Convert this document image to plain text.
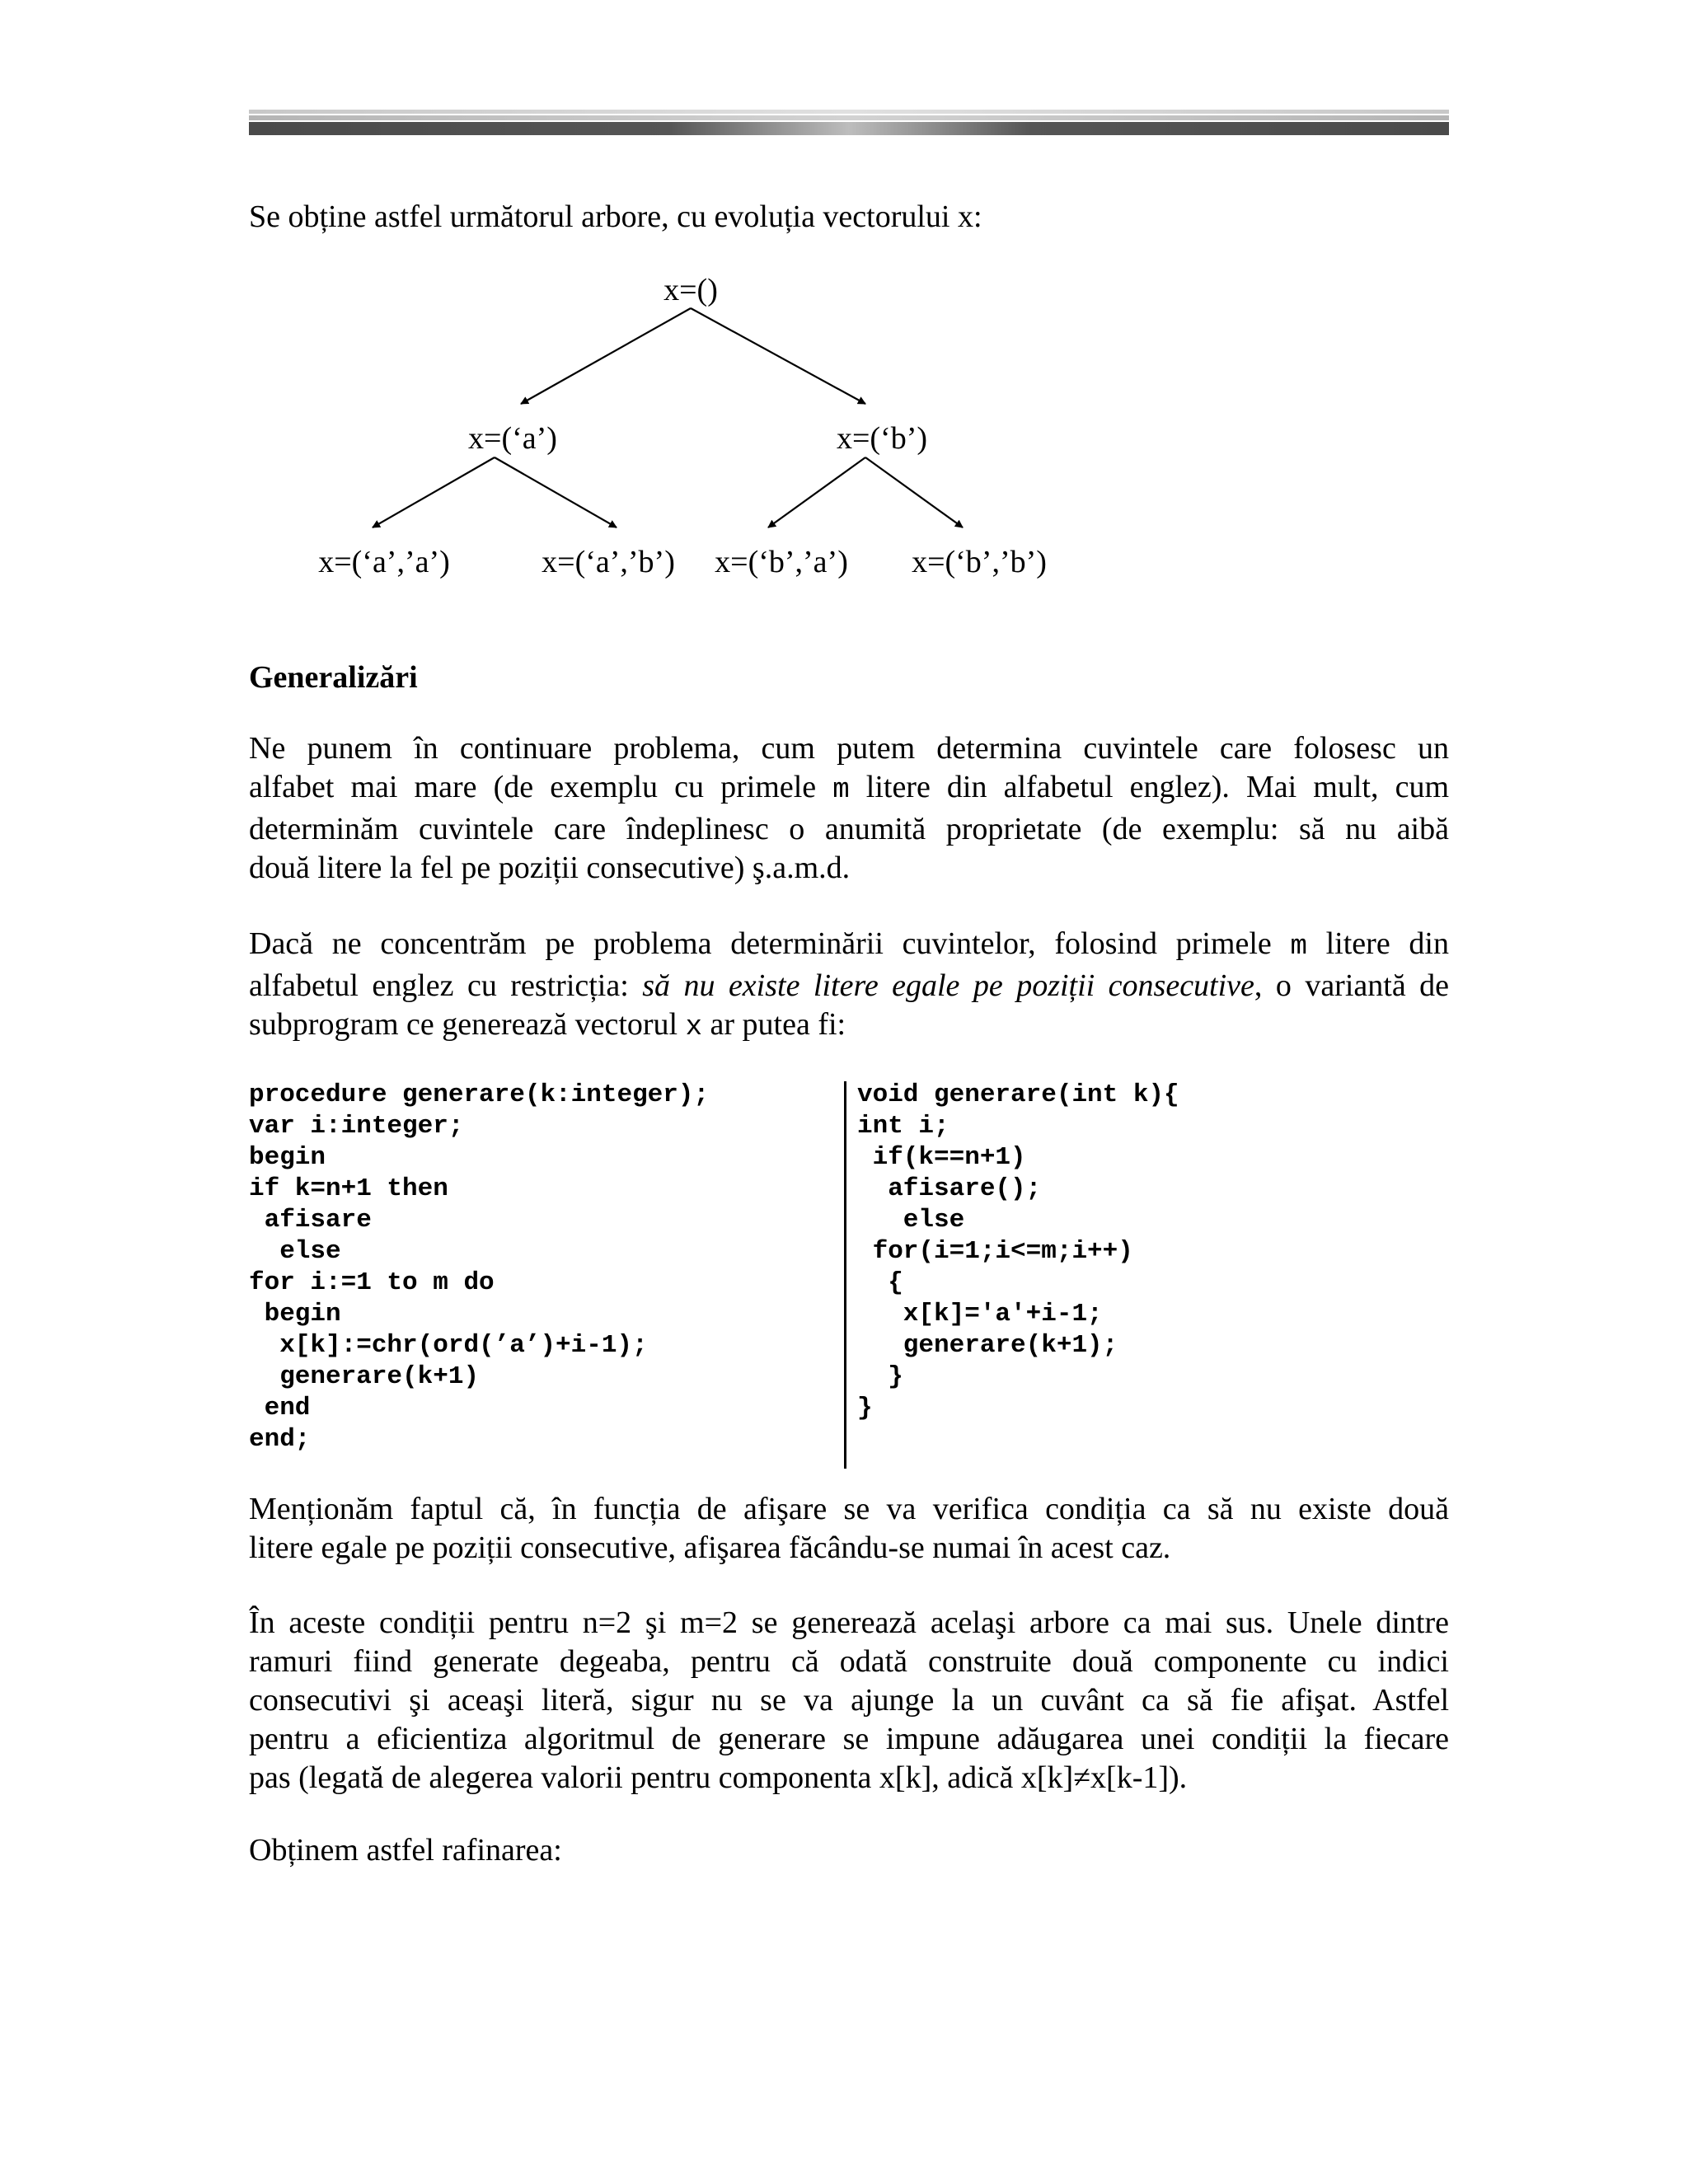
Se obține astfel următorul arbore, cu evoluția vectorului x:

x=()
x=(‘a’)	x=(‘b’)
x=(‘a’,’a’)	x=(‘a’,’b’) x=(‘b’,’a’) x=(‘b’,’b’)
Generalizări
Ne punem în continuare problema, cum putem determina cuvintele care folosesc un
alfabet mai mare (de exemplu cu primele m litere din alfabetul englez). Mai mult, cum
determinăm cuvintele care îndeplinesc o anumită proprietate (de exemplu: să nu aibă
două litere la fel pe poziții consecutive) ş.a.m.d.
Dacă ne concentrăm pe problema determinării cuvintelor, folosind primele m litere din
alfabetul englez cu restricția: să nu existe litere egale pe poziții consecutive, o variantă de
subprogram ce generează vectorul x ar putea fi:
procedure generare(k:integer);
var i:integer;
begin
if k=n+1 then
afisare
else
for i:=1 to m do
begin
x[k]:=chr(ord(’a’)+i-1);
generare(k+1)
end
end;
void generare(int k){
int i;
if(k==n+1)
afisare();
else
for(i=1;i<=m;i++)
{
x[k]='a'+i-1;
generare(k+1);
}
}
Menționăm faptul că, în funcția de afişare se va verifica condiția ca să nu existe două
litere egale pe poziții consecutive, afişarea făcându-se numai în acest caz.
În aceste condiții pentru n=2 şi m=2 se generează acelaşi arbore ca mai sus. Unele dintre
ramuri fiind generate degeaba, pentru că odată construite două componente cu indici
consecutivi şi aceaşi literă, sigur nu se va ajunge la un cuvânt ca să fie afişat. Astfel
pentru a eficientiza algoritmul de generare se impune adăugarea unei condiții la fiecare
pas (legată de alegerea valorii pentru componenta x[k], adică x[k]≠x[k-1]).

Obținem astfel rafinarea:
